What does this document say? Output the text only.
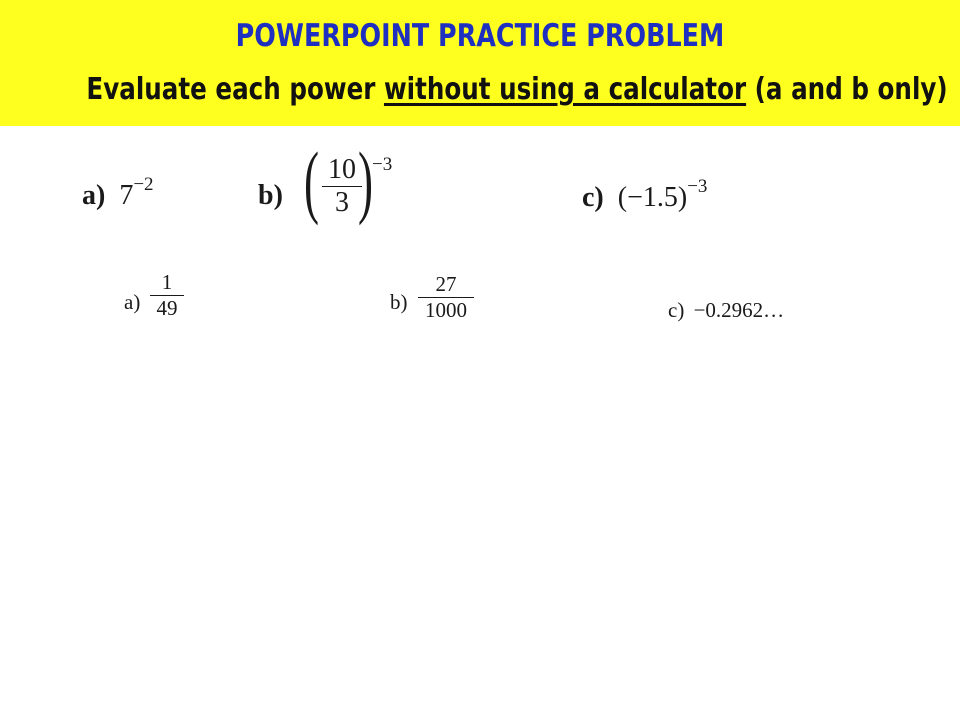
POWERPOINT PRACTICE PROBLEM
Evaluate each power without using a calculator (a and b only)
a) 7−2	b) ( 10
3 )
−3
c) (−1.5)−3
a)
1
49	b)
27
1000	c) −0.2962…
